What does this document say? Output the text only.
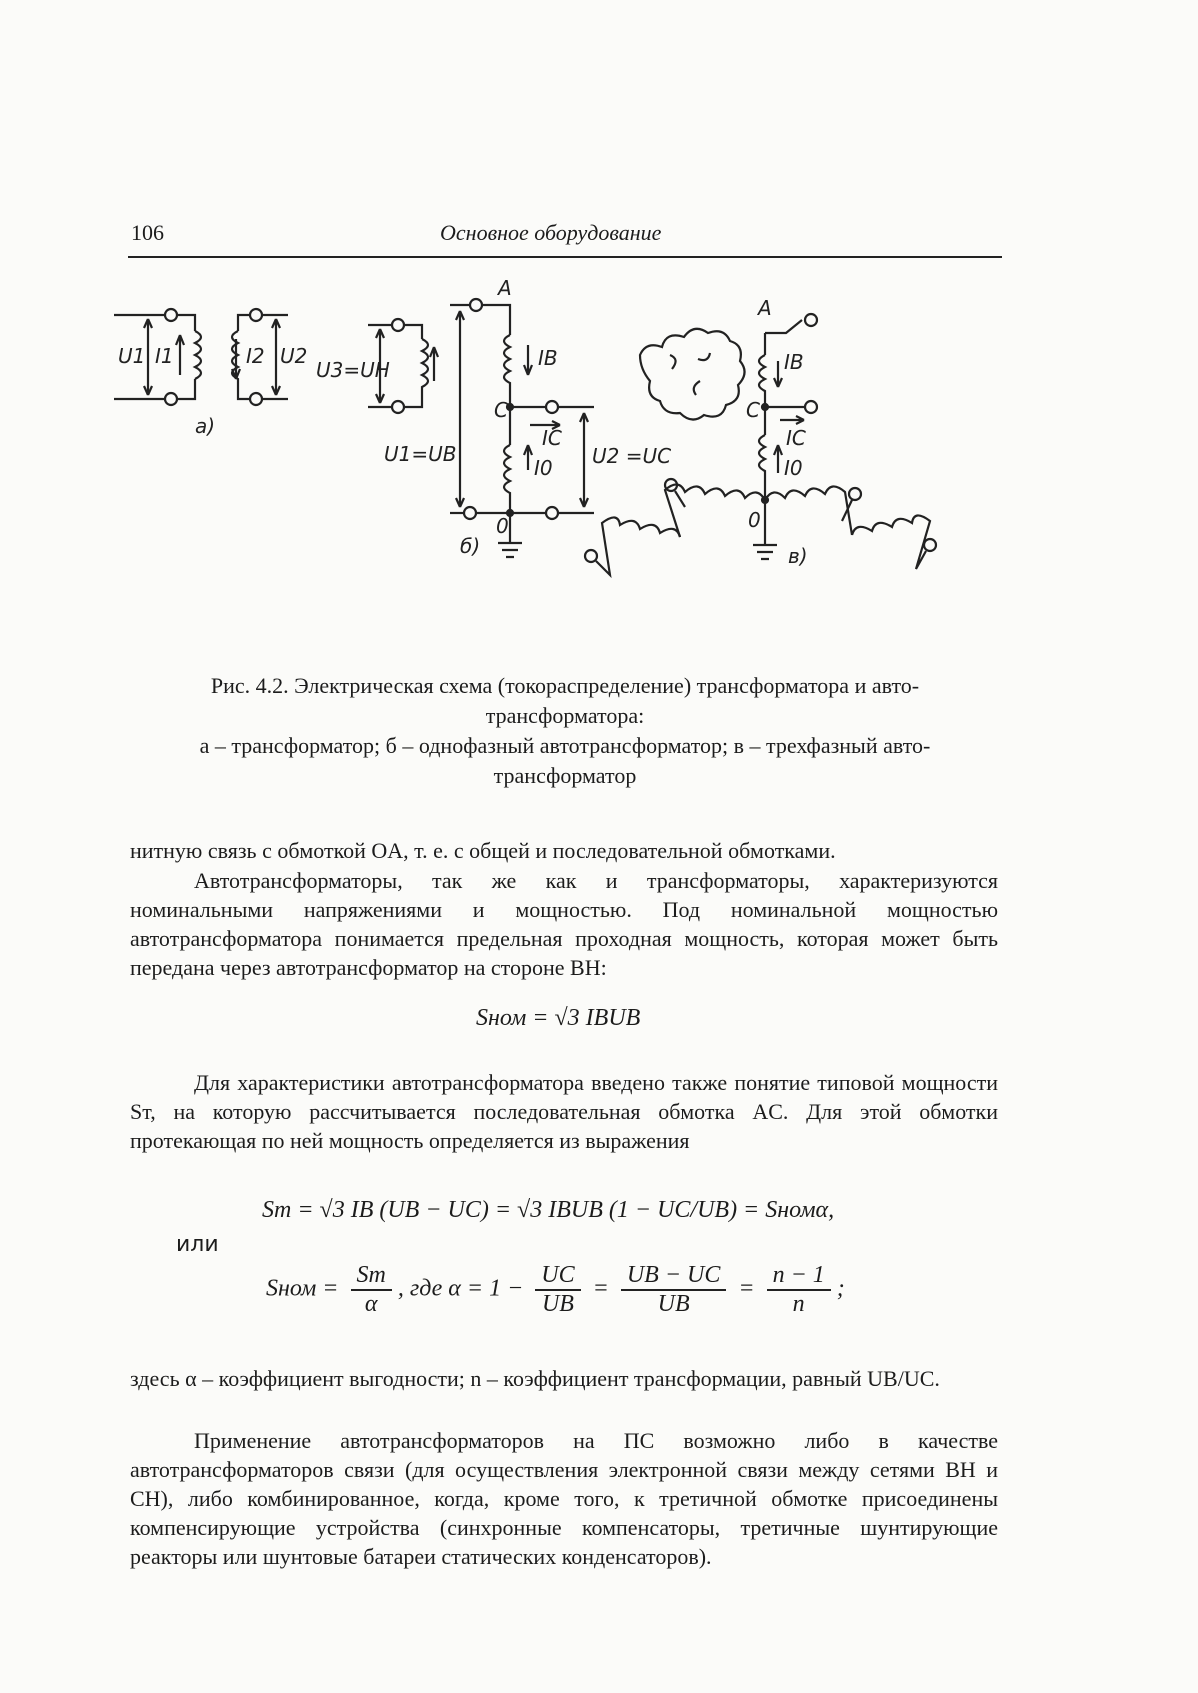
106	Основное оборудование
U1 I1	I2 U2
а)
U3=UН
A
IВ
C
IС
I0
U1=UВ	U2 =UС
0
б)
A
IВ
C
IС
I0
0
в)

Рис. 4.2. Электрическая схема (токораспределение) трансформатора и авто-

трансформатора:

а – трансформатор; б – однофазный автотрансформатор; в – трехфазный авто-

трансформатор

нитную связь с обмоткой OA, т. е. с общей и последовательной обмотками.

Автотрансформаторы, так же как и трансформаторы, характеризуются номинальными напряжениями и мощностью. Под номинальной мощностью автотрансформатора понимается предельная проходная мощность, которая может быть передана через автотрансформатор на стороне ВН:

Sном = √3 IВUВ

Для характеристики автотрансформатора введено также понятие типовой мощности Sт, на которую рассчитывается последовательная обмотка AC. Для этой обмотки протекающая по ней мощность определяется из выражения

Sт = √3 IВ (UВ − UС) = √3 IВUВ (1 − UС/UВ) = Sномα,
или
Sном = $\frac{Sт}{\alpha}$ , где $\alpha = 1 - \frac{UС}{UВ} = \frac{UВ - UС}{UВ} = \frac{n - 1}{n}$ ;

здесь α – коэффициент выгодности; n – коэффициент трансформации, равный UВ/UС.

Применение автотрансформаторов на ПС возможно либо в качестве автотрансформаторов связи (для осуществления электронной связи между сетями ВН и СН), либо комбинированное, когда, кроме того, к третичной обмотке присоединены компенсирующие устройства (синхронные компенсаторы, третичные шунтирующие реакторы или шунтовые батареи статических конденсаторов).
